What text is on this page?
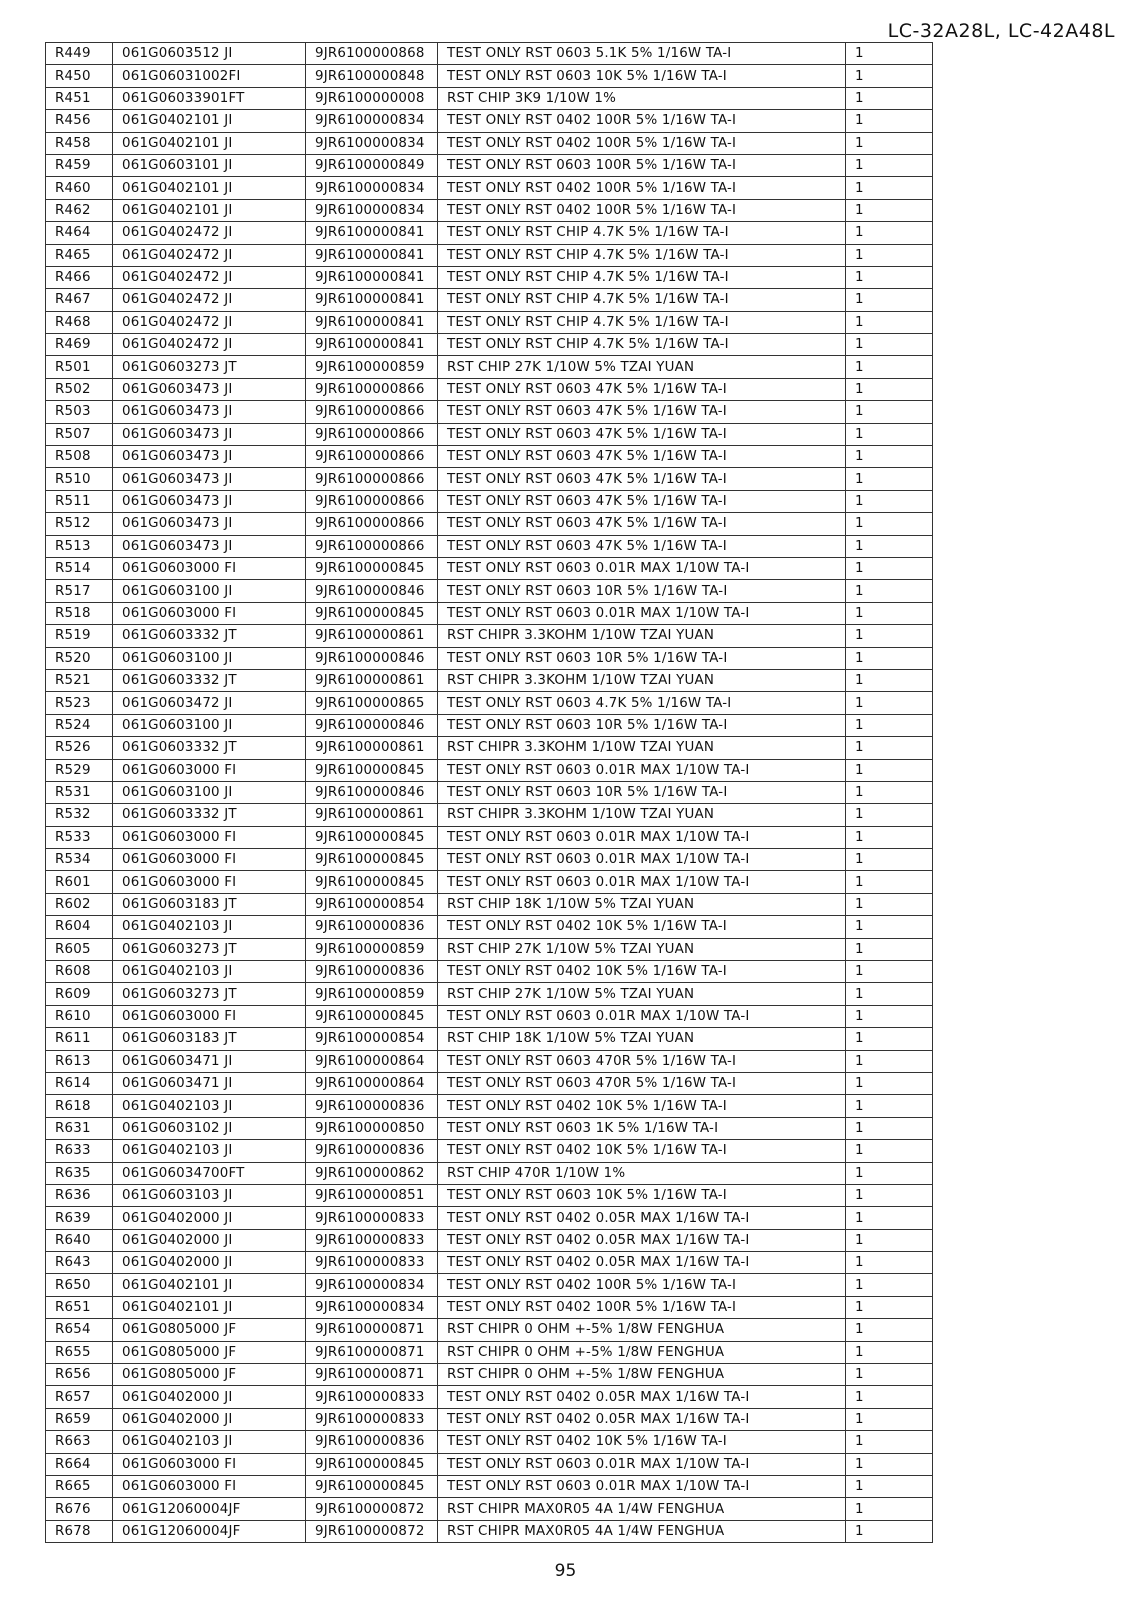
LC-32A28L, LC-42A48L
R449	061G0603512 JI	9JR6100000868	TEST ONLY RST 0603 5.1K 5% 1/16W TA-I	1
R450	061G06031002FI	9JR6100000848	TEST ONLY RST 0603 10K 5% 1/16W TA-I	1
R451	061G06033901FT	9JR6100000008	RST CHIP 3K9 1/10W 1%	1
R456	061G0402101 JI	9JR6100000834	TEST ONLY RST 0402 100R 5% 1/16W TA-I	1
R458	061G0402101 JI	9JR6100000834	TEST ONLY RST 0402 100R 5% 1/16W TA-I	1
R459	061G0603101 JI	9JR6100000849	TEST ONLY RST 0603 100R 5% 1/16W TA-I	1
R460	061G0402101 JI	9JR6100000834	TEST ONLY RST 0402 100R 5% 1/16W TA-I	1
R462	061G0402101 JI	9JR6100000834	TEST ONLY RST 0402 100R 5% 1/16W TA-I	1
R464	061G0402472 JI	9JR6100000841	TEST ONLY RST CHIP 4.7K 5% 1/16W TA-I	1
R465	061G0402472 JI	9JR6100000841	TEST ONLY RST CHIP 4.7K 5% 1/16W TA-I	1
R466	061G0402472 JI	9JR6100000841	TEST ONLY RST CHIP 4.7K 5% 1/16W TA-I	1
R467	061G0402472 JI	9JR6100000841	TEST ONLY RST CHIP 4.7K 5% 1/16W TA-I	1
R468	061G0402472 JI	9JR6100000841	TEST ONLY RST CHIP 4.7K 5% 1/16W TA-I	1
R469	061G0402472 JI	9JR6100000841	TEST ONLY RST CHIP 4.7K 5% 1/16W TA-I	1
R501	061G0603273 JT	9JR6100000859	RST CHIP 27K 1/10W 5% TZAI YUAN	1
R502	061G0603473 JI	9JR6100000866	TEST ONLY RST 0603 47K 5% 1/16W TA-I	1
R503	061G0603473 JI	9JR6100000866	TEST ONLY RST 0603 47K 5% 1/16W TA-I	1
R507	061G0603473 JI	9JR6100000866	TEST ONLY RST 0603 47K 5% 1/16W TA-I	1
R508	061G0603473 JI	9JR6100000866	TEST ONLY RST 0603 47K 5% 1/16W TA-I	1
R510	061G0603473 JI	9JR6100000866	TEST ONLY RST 0603 47K 5% 1/16W TA-I	1
R511	061G0603473 JI	9JR6100000866	TEST ONLY RST 0603 47K 5% 1/16W TA-I	1
R512	061G0603473 JI	9JR6100000866	TEST ONLY RST 0603 47K 5% 1/16W TA-I	1
R513	061G0603473 JI	9JR6100000866	TEST ONLY RST 0603 47K 5% 1/16W TA-I	1
R514	061G0603000 FI	9JR6100000845	TEST ONLY RST 0603 0.01R MAX 1/10W TA-I	1
R517	061G0603100 JI	9JR6100000846	TEST ONLY RST 0603 10R 5% 1/16W TA-I	1
R518	061G0603000 FI	9JR6100000845	TEST ONLY RST 0603 0.01R MAX 1/10W TA-I	1
R519	061G0603332 JT	9JR6100000861	RST CHIPR 3.3KOHM 1/10W TZAI YUAN	1
R520	061G0603100 JI	9JR6100000846	TEST ONLY RST 0603 10R 5% 1/16W TA-I	1
R521	061G0603332 JT	9JR6100000861	RST CHIPR 3.3KOHM 1/10W TZAI YUAN	1
R523	061G0603472 JI	9JR6100000865	TEST ONLY RST 0603 4.7K 5% 1/16W TA-I	1
R524	061G0603100 JI	9JR6100000846	TEST ONLY RST 0603 10R 5% 1/16W TA-I	1
R526	061G0603332 JT	9JR6100000861	RST CHIPR 3.3KOHM 1/10W TZAI YUAN	1
R529	061G0603000 FI	9JR6100000845	TEST ONLY RST 0603 0.01R MAX 1/10W TA-I	1
R531	061G0603100 JI	9JR6100000846	TEST ONLY RST 0603 10R 5% 1/16W TA-I	1
R532	061G0603332 JT	9JR6100000861	RST CHIPR 3.3KOHM 1/10W TZAI YUAN	1
R533	061G0603000 FI	9JR6100000845	TEST ONLY RST 0603 0.01R MAX 1/10W TA-I	1
R534	061G0603000 FI	9JR6100000845	TEST ONLY RST 0603 0.01R MAX 1/10W TA-I	1
R601	061G0603000 FI	9JR6100000845	TEST ONLY RST 0603 0.01R MAX 1/10W TA-I	1
R602	061G0603183 JT	9JR6100000854	RST CHIP 18K 1/10W 5% TZAI YUAN	1
R604	061G0402103 JI	9JR6100000836	TEST ONLY RST 0402 10K 5% 1/16W TA-I	1
R605	061G0603273 JT	9JR6100000859	RST CHIP 27K 1/10W 5% TZAI YUAN	1
R608	061G0402103 JI	9JR6100000836	TEST ONLY RST 0402 10K 5% 1/16W TA-I	1
R609	061G0603273 JT	9JR6100000859	RST CHIP 27K 1/10W 5% TZAI YUAN	1
R610	061G0603000 FI	9JR6100000845	TEST ONLY RST 0603 0.01R MAX 1/10W TA-I	1
R611	061G0603183 JT	9JR6100000854	RST CHIP 18K 1/10W 5% TZAI YUAN	1
R613	061G0603471 JI	9JR6100000864	TEST ONLY RST 0603 470R 5% 1/16W TA-I	1
R614	061G0603471 JI	9JR6100000864	TEST ONLY RST 0603 470R 5% 1/16W TA-I	1
R618	061G0402103 JI	9JR6100000836	TEST ONLY RST 0402 10K 5% 1/16W TA-I	1
R631	061G0603102 JI	9JR6100000850	TEST ONLY RST 0603 1K 5% 1/16W TA-I	1
R633	061G0402103 JI	9JR6100000836	TEST ONLY RST 0402 10K 5% 1/16W TA-I	1
R635	061G06034700FT	9JR6100000862	RST CHIP 470R 1/10W 1%	1
R636	061G0603103 JI	9JR6100000851	TEST ONLY RST 0603 10K 5% 1/16W TA-I	1
R639	061G0402000 JI	9JR6100000833	TEST ONLY RST 0402 0.05R MAX 1/16W TA-I	1
R640	061G0402000 JI	9JR6100000833	TEST ONLY RST 0402 0.05R MAX 1/16W TA-I	1
R643	061G0402000 JI	9JR6100000833	TEST ONLY RST 0402 0.05R MAX 1/16W TA-I	1
R650	061G0402101 JI	9JR6100000834	TEST ONLY RST 0402 100R 5% 1/16W TA-I	1
R651	061G0402101 JI	9JR6100000834	TEST ONLY RST 0402 100R 5% 1/16W TA-I	1
R654	061G0805000 JF	9JR6100000871	RST CHIPR 0 OHM +-5% 1/8W FENGHUA	1
R655	061G0805000 JF	9JR6100000871	RST CHIPR 0 OHM +-5% 1/8W FENGHUA	1
R656	061G0805000 JF	9JR6100000871	RST CHIPR 0 OHM +-5% 1/8W FENGHUA	1
R657	061G0402000 JI	9JR6100000833	TEST ONLY RST 0402 0.05R MAX 1/16W TA-I	1
R659	061G0402000 JI	9JR6100000833	TEST ONLY RST 0402 0.05R MAX 1/16W TA-I	1
R663	061G0402103 JI	9JR6100000836	TEST ONLY RST 0402 10K 5% 1/16W TA-I	1
R664	061G0603000 FI	9JR6100000845	TEST ONLY RST 0603 0.01R MAX 1/10W TA-I	1
R665	061G0603000 FI	9JR6100000845	TEST ONLY RST 0603 0.01R MAX 1/10W TA-I	1
R676	061G12060004JF	9JR6100000872	RST CHIPR MAX0R05 4A 1/4W FENGHUA	1
R678	061G12060004JF	9JR6100000872	RST CHIPR MAX0R05 4A 1/4W FENGHUA	1
95
